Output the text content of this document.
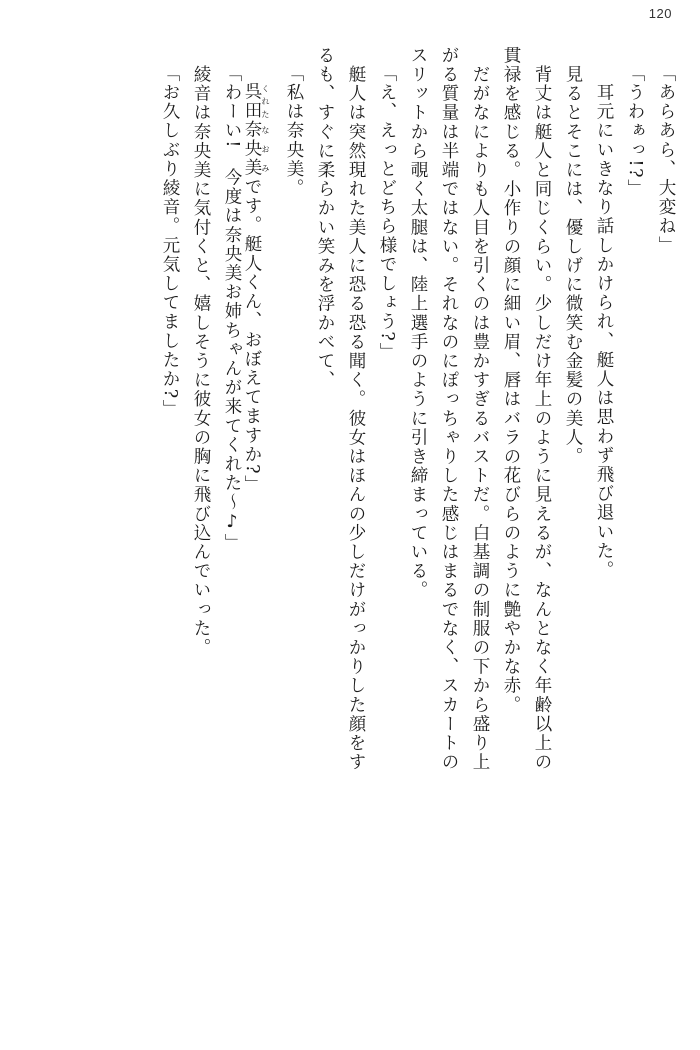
120
「あらあら、大変ね」
「うわぁっ!?」
　耳元にいきなり話しかけられ、艇人は思わず飛び退いた。
　見るとそこには、優しげに微笑む金髪の美人。
　背丈は艇人と同じくらい。少しだけ年上のように見えるが、なんとなく年齢以上の
貫禄を感じる。小作りの顔に細い眉、唇はバラの花びらのように艶やかな赤。
　だがなによりも人目を引くのは豊かすぎるバストだ。白基調の制服の下から盛り上
がる質量は半端ではない。それなのにぽっちゃりした感じはまるでなく、スカートの
スリットから覗く太腿は、陸上選手のように引き締まっている。
「え、えっとどちら様でしょう?」
　艇人は突然現れた美人に恐る恐る聞く。彼女はほんの少しだけがっかりした顔をす
るも、すぐに柔らかい笑みを浮かべて、
「私は奈央美。
呉田 くれた奈央美 なおみです。艇人くん、おぼえてますか?」
「わーい!　今度は奈央美お姉ちゃんが来てくれた〜♪」
　綾音は奈央美に気付くと、嬉しそうに彼女の胸に飛び込んでいった。
「お久しぶり綾音。元気してましたか?」
